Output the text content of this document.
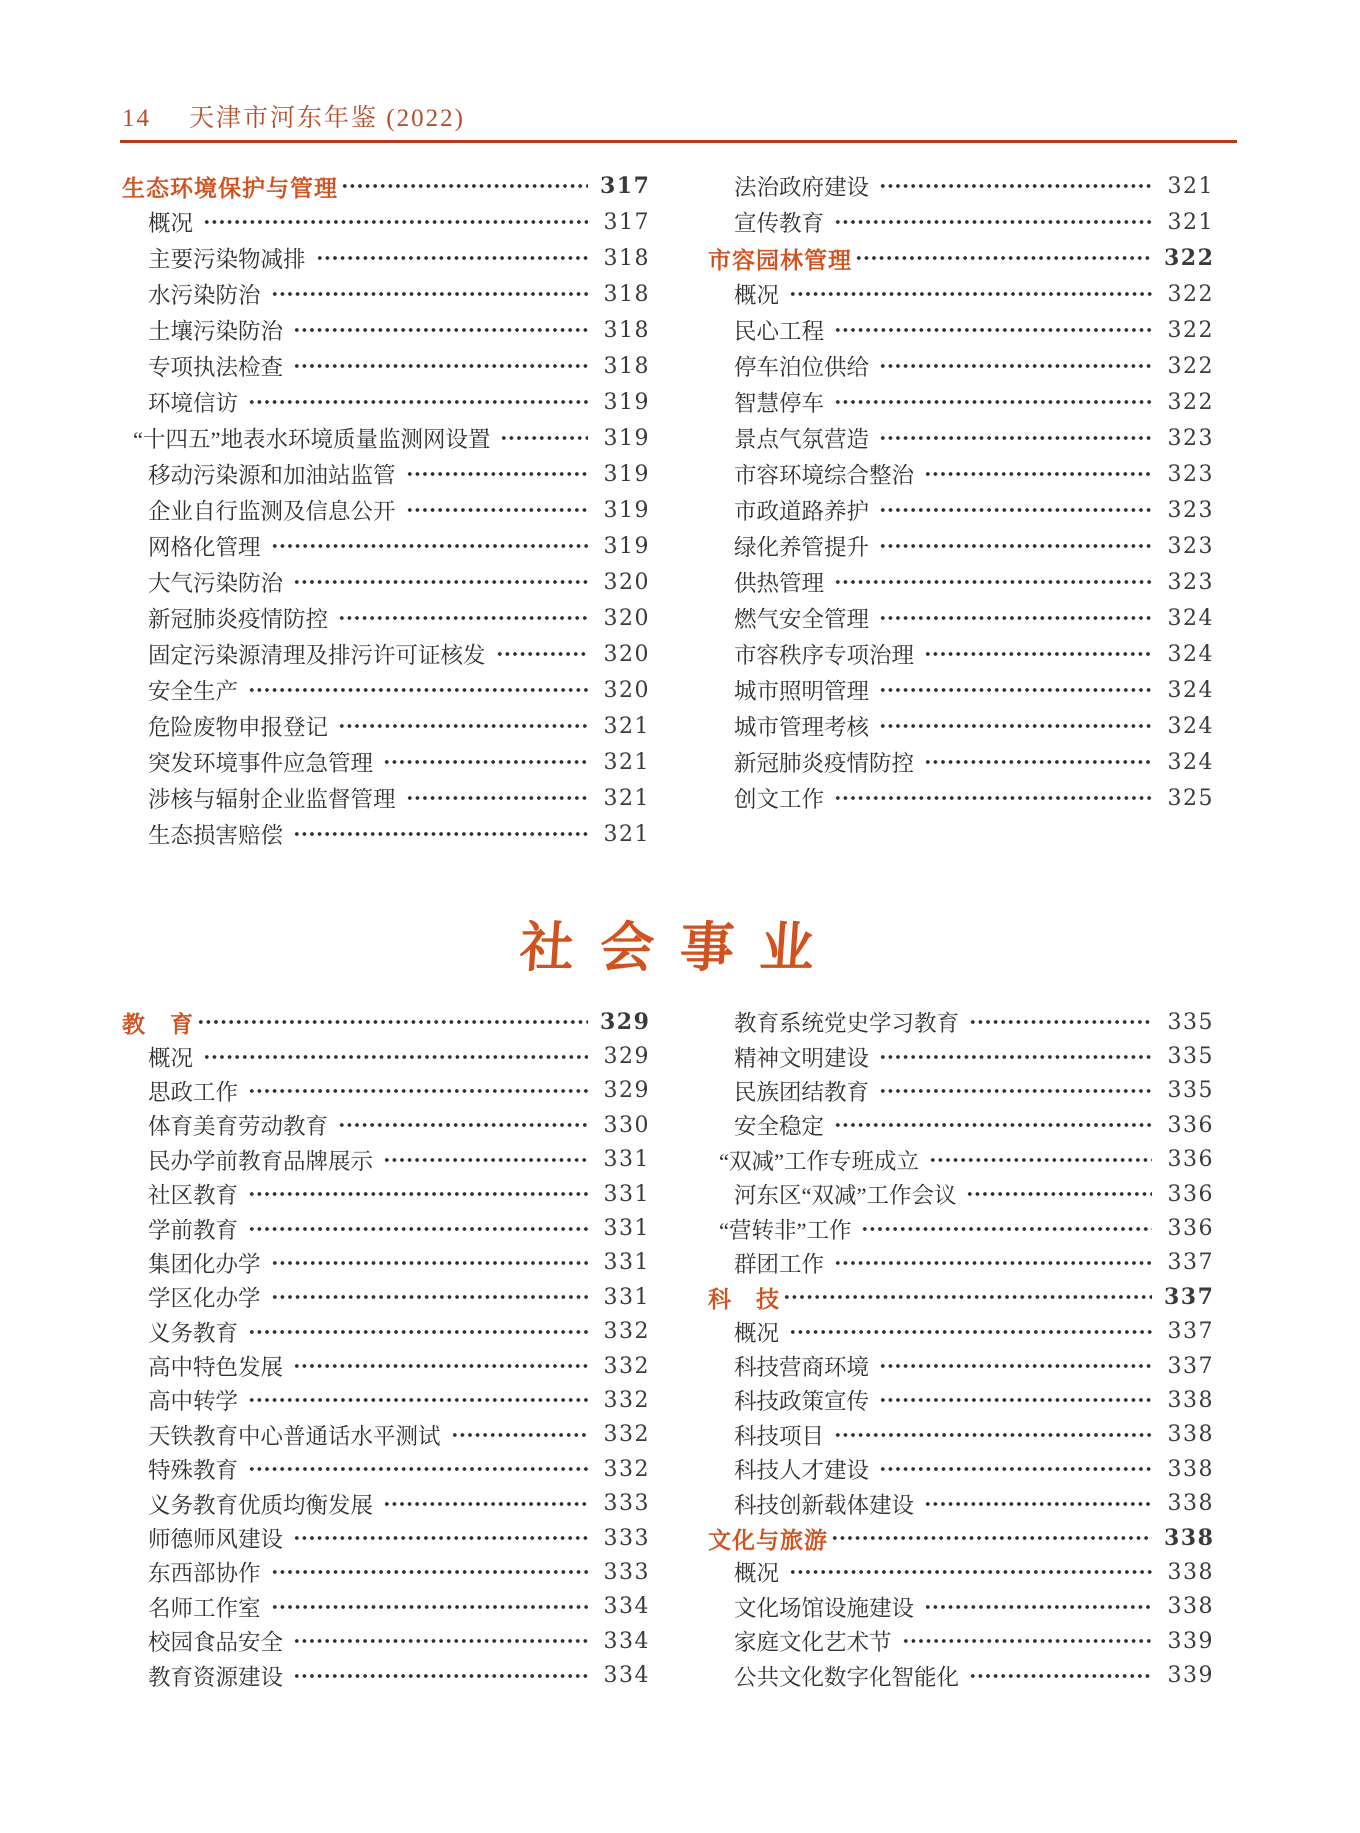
14 天津市河东年鉴 (2022)
生态环境保护与管理	317
概况	317
主要污染物减排	318
水污染防治	318
土壤污染防治	318
专项执法检查	318
环境信访	319
“十四五”地表水环境质量监测网设置	319
移动污染源和加油站监管	319
企业自行监测及信息公开	319
网格化管理	319
大气污染防治	320
新冠肺炎疫情防控	320
固定污染源清理及排污许可证核发	320
安全生产	320
危险废物申报登记	321
突发环境事件应急管理	321
涉核与辐射企业监督管理	321
生态损害赔偿	321
法治政府建设	321
宣传教育	321
市容园林管理	322
概况	322
民心工程	322
停车泊位供给	322
智慧停车	322
景点气氛营造	323
市容环境综合整治	323
市政道路养护	323
绿化养管提升	323
供热管理	323
燃气安全管理	324
市容秩序专项治理	324
城市照明管理	324
城市管理考核	324
新冠肺炎疫情防控	324
创文工作	325
社会事业
教　育	329
概况	329
思政工作	329
体育美育劳动教育	330
民办学前教育品牌展示	331
社区教育	331
学前教育	331
集团化办学	331
学区化办学	331
义务教育	332
高中特色发展	332
高中转学	332
天铁教育中心普通话水平测试	332
特殊教育	332
义务教育优质均衡发展	333
师德师风建设	333
东西部协作	333
名师工作室	334
校园食品安全	334
教育资源建设	334
教育系统党史学习教育	335
精神文明建设	335
民族团结教育	335
安全稳定	336
“双减”工作专班成立	336
河东区“双减”工作会议	336
“营转非”工作	336
群团工作	337
科　技	337
概况	337
科技营商环境	337
科技政策宣传	338
科技项目	338
科技人才建设	338
科技创新载体建设	338
文化与旅游	338
概况	338
文化场馆设施建设	338
家庭文化艺术节	339
公共文化数字化智能化	339
